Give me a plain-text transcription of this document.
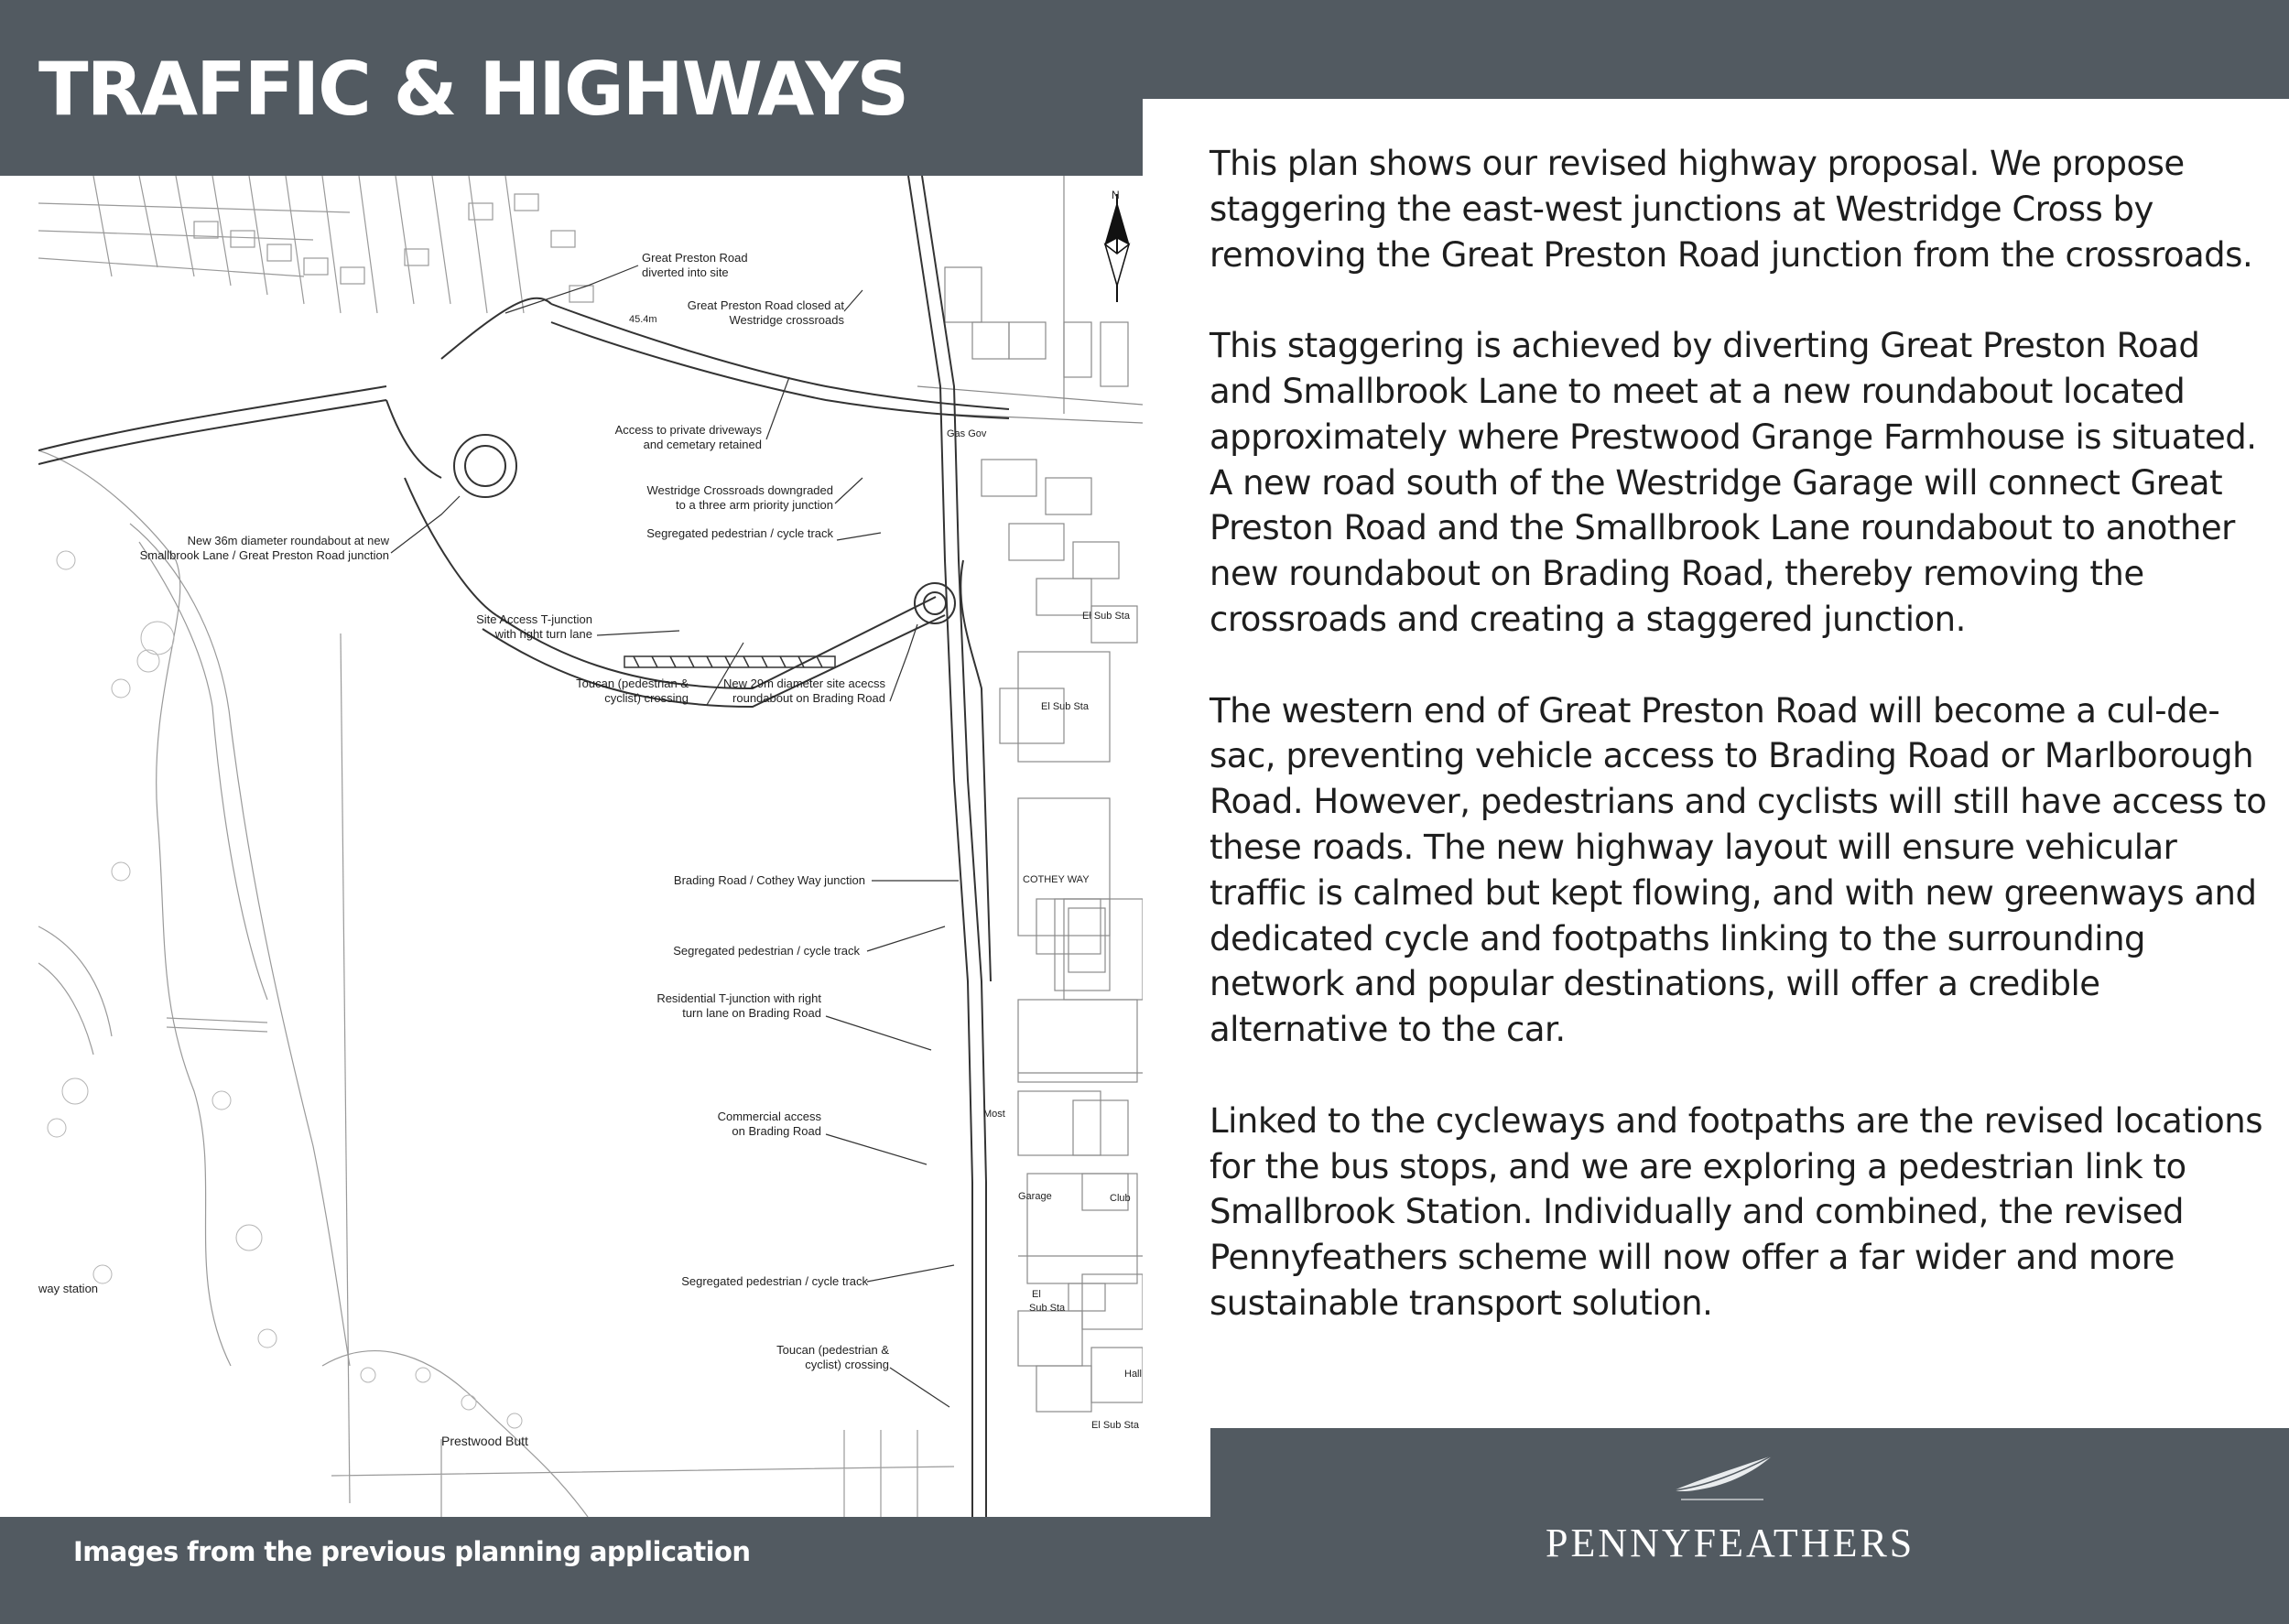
TRAFFIC & HIGHWAYS
N
Great Preston Road
diverted into site
Great Preston Road closed at
Westridge crossroads
Access to private driveways
and cemetary retained
Westridge Crossroads downgraded
to a three arm priority junction
Segregated pedestrian / cycle track
New 36m diameter roundabout at new
Smallbrook Lane / Great Preston Road junction
Site Access T-junction
with right turn lane
Toucan (pedestrian &
cyclist) crossing
New 29m diameter site acecss
roundabout on Brading Road
Brading Road / Cothey Way junction
Segregated pedestrian / cycle track
Residential T-junction with right
turn lane on Brading Road
Commercial access
on Brading Road
Segregated pedestrian / cycle track
Toucan (pedestrian &
cyclist) crossing
way station
Prestwood Butt
COTHEY WAY
El Sub Sta
El Sub Sta
El Sub Sta
Garage	Club
Gas Gov
Most
Hall
El
Sub Sta
45.4m

This plan shows our revised highway proposal. We propose staggering the east-west junctions at Westridge Cross by removing the Great Preston Road junction from the crossroads.

This staggering is achieved by diverting Great Preston Road and Smallbrook Lane to meet at a new roundabout located approximately where Prestwood Grange Farmhouse is situated. A new road south of the Westridge Garage will connect Great Preston Road and the Smallbrook Lane roundabout to another new roundabout on Brading Road, thereby removing the crossroads and creating a staggered junction.

The western end of Great Preston Road will become a cul-de-sac, preventing vehicle access to Brading Road or Marlborough Road. However, pedestrians and cyclists will still have access to these roads. The new highway layout will ensure vehicular traffic is calmed but kept flowing, and with new greenways and dedicated cycle and footpaths linking to the surrounding network and popular destinations, will offer a credible alternative to the car.

Linked to the cycleways and footpaths are the revised locations for the bus stops, and we are exploring a pedestrian link to Smallbrook Station. Individually and combined, the revised Pennyfeathers scheme will now offer a far wider and more sustainable transport solution.

Images from the previous planning application	PENNYFEATHERS
